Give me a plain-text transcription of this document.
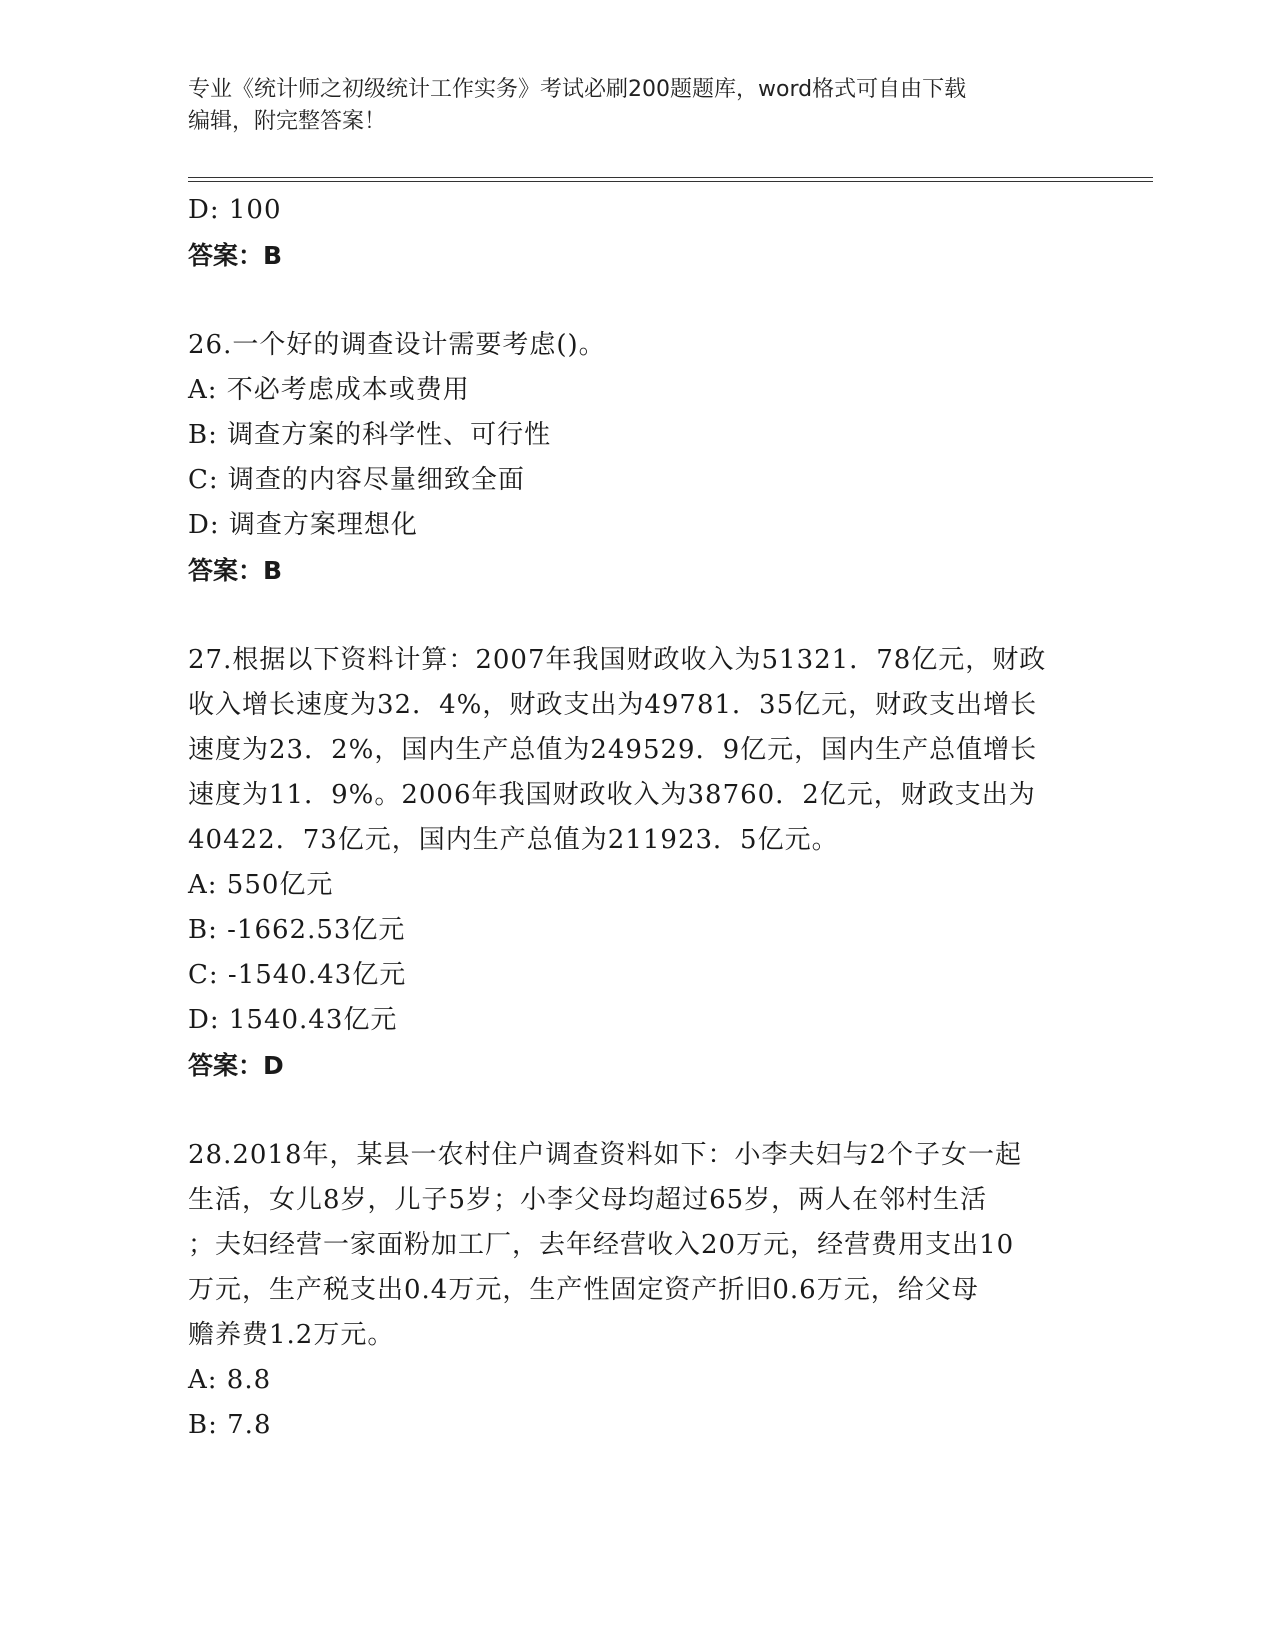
专业《统计师之初级统计工作实务》考试必刷200题题库，word格式可自由下载
编辑，附完整答案！
D: 100
答案：B
26.一个好的调查设计需要考虑()。
A: 不必考虑成本或费用
B: 调查方案的科学性、可行性
C: 调查的内容尽量细致全面
D: 调查方案理想化
答案：B
27.根据以下资料计算：2007年我国财政收入为51321．78亿元，财政
收入增长速度为32．4%，财政支出为49781．35亿元，财政支出增长
速度为23．2%，国内生产总值为249529．9亿元，国内生产总值增长
速度为11．9%。2006年我国财政收入为38760．2亿元，财政支出为
40422．73亿元，国内生产总值为211923．5亿元。
A: 550亿元
B: -1662.53亿元
C: -1540.43亿元
D: 1540.43亿元
答案：D
28.2018年，某县一农村住户调查资料如下：小李夫妇与2个子女一起
生活，女儿8岁，儿子5岁；小李父母均超过65岁，两人在邻村生活
；夫妇经营一家面粉加工厂，去年经营收入20万元，经营费用支出10
万元，生产税支出0.4万元，生产性固定资产折旧0.6万元，给父母
赡养费1.2万元。
A: 8.8
B: 7.8
